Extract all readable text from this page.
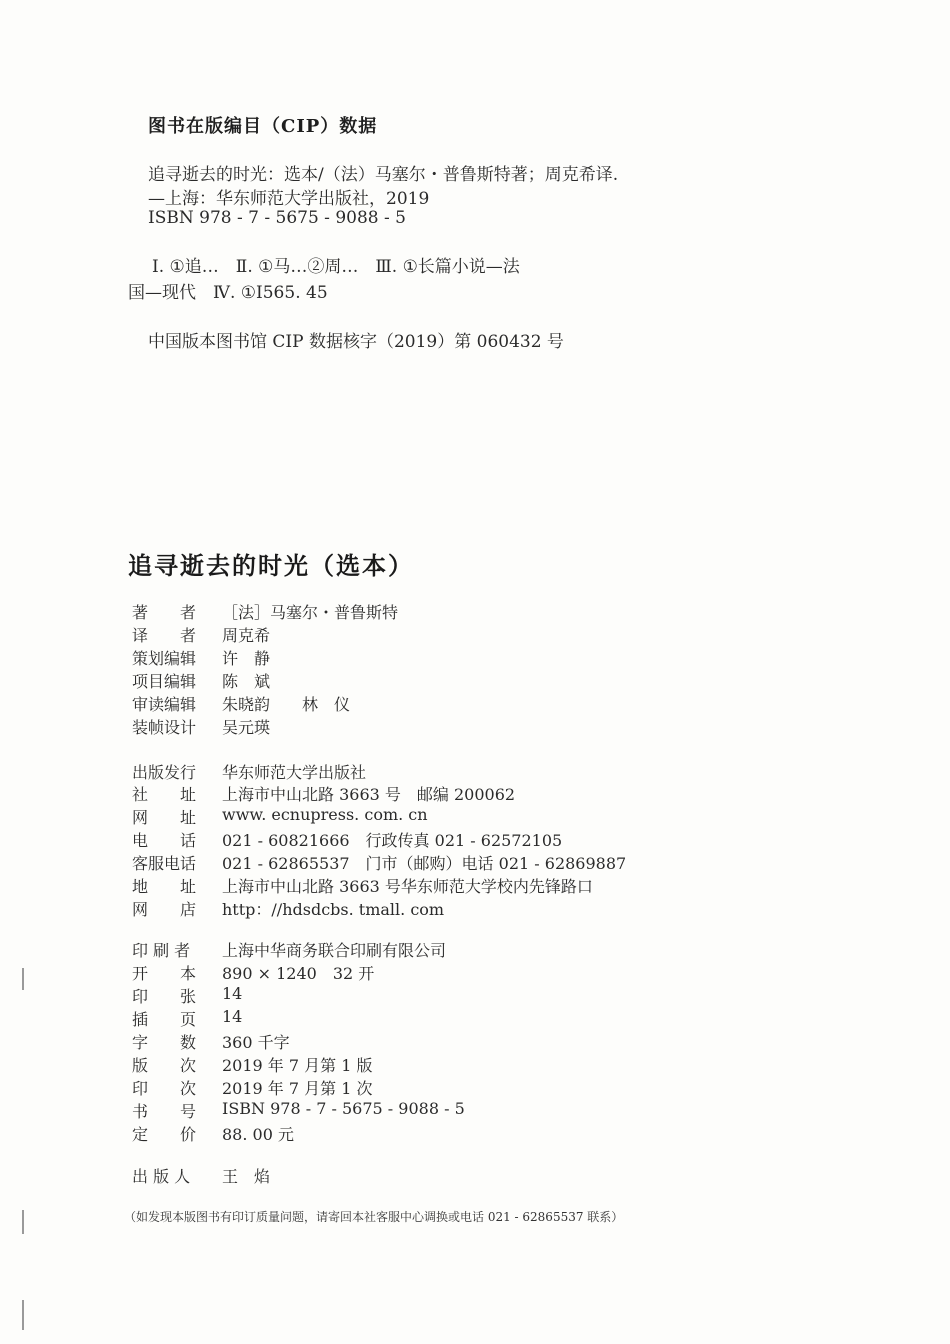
图书在版编目（CIP）数据
追寻逝去的时光：选本/（法）马塞尔・普鲁斯特著；周克希译.
—上海：华东师范大学出版社，2019
ISBN 978 - 7 - 5675 - 9088 - 5
Ⅰ. ①追…　Ⅱ. ①马…②周…　Ⅲ. ①长篇小说—法
国—现代　Ⅳ. ①I565. 45
中国版本图书馆 CIP 数据核字（2019）第 060432 号
追寻逝去的时光（选本）
著　　者	［法］马塞尔・普鲁斯特
译　　者	周克希
策划编辑	许　静
项目编辑	陈　斌
审读编辑	朱晓韵　　林　仪
装帧设计	吴元瑛
出版发行	华东师范大学出版社
社　　址	上海市中山北路 3663 号　邮编 200062
网　　址	www. ecnupress. com. cn
电　　话	021 - 60821666　行政传真 021 - 62572105
客服电话	021 - 62865537　门市（邮购）电话 021 - 62869887
地　　址	上海市中山北路 3663 号华东师范大学校内先锋路口
网　　店	http：//hdsdcbs. tmall. com
印 刷 者	上海中华商务联合印刷有限公司
开　　本	890 × 1240　32 开
印　　张	14
插　　页	14
字　　数	360 千字
版　　次	2019 年 7 月第 1 版
印　　次	2019 年 7 月第 1 次
书　　号	ISBN 978 - 7 - 5675 - 9088 - 5
定　　价	88. 00 元
出 版 人	王　焰
（如发现本版图书有印订质量问题，请寄回本社客服中心调换或电话 021 - 62865537 联系）
